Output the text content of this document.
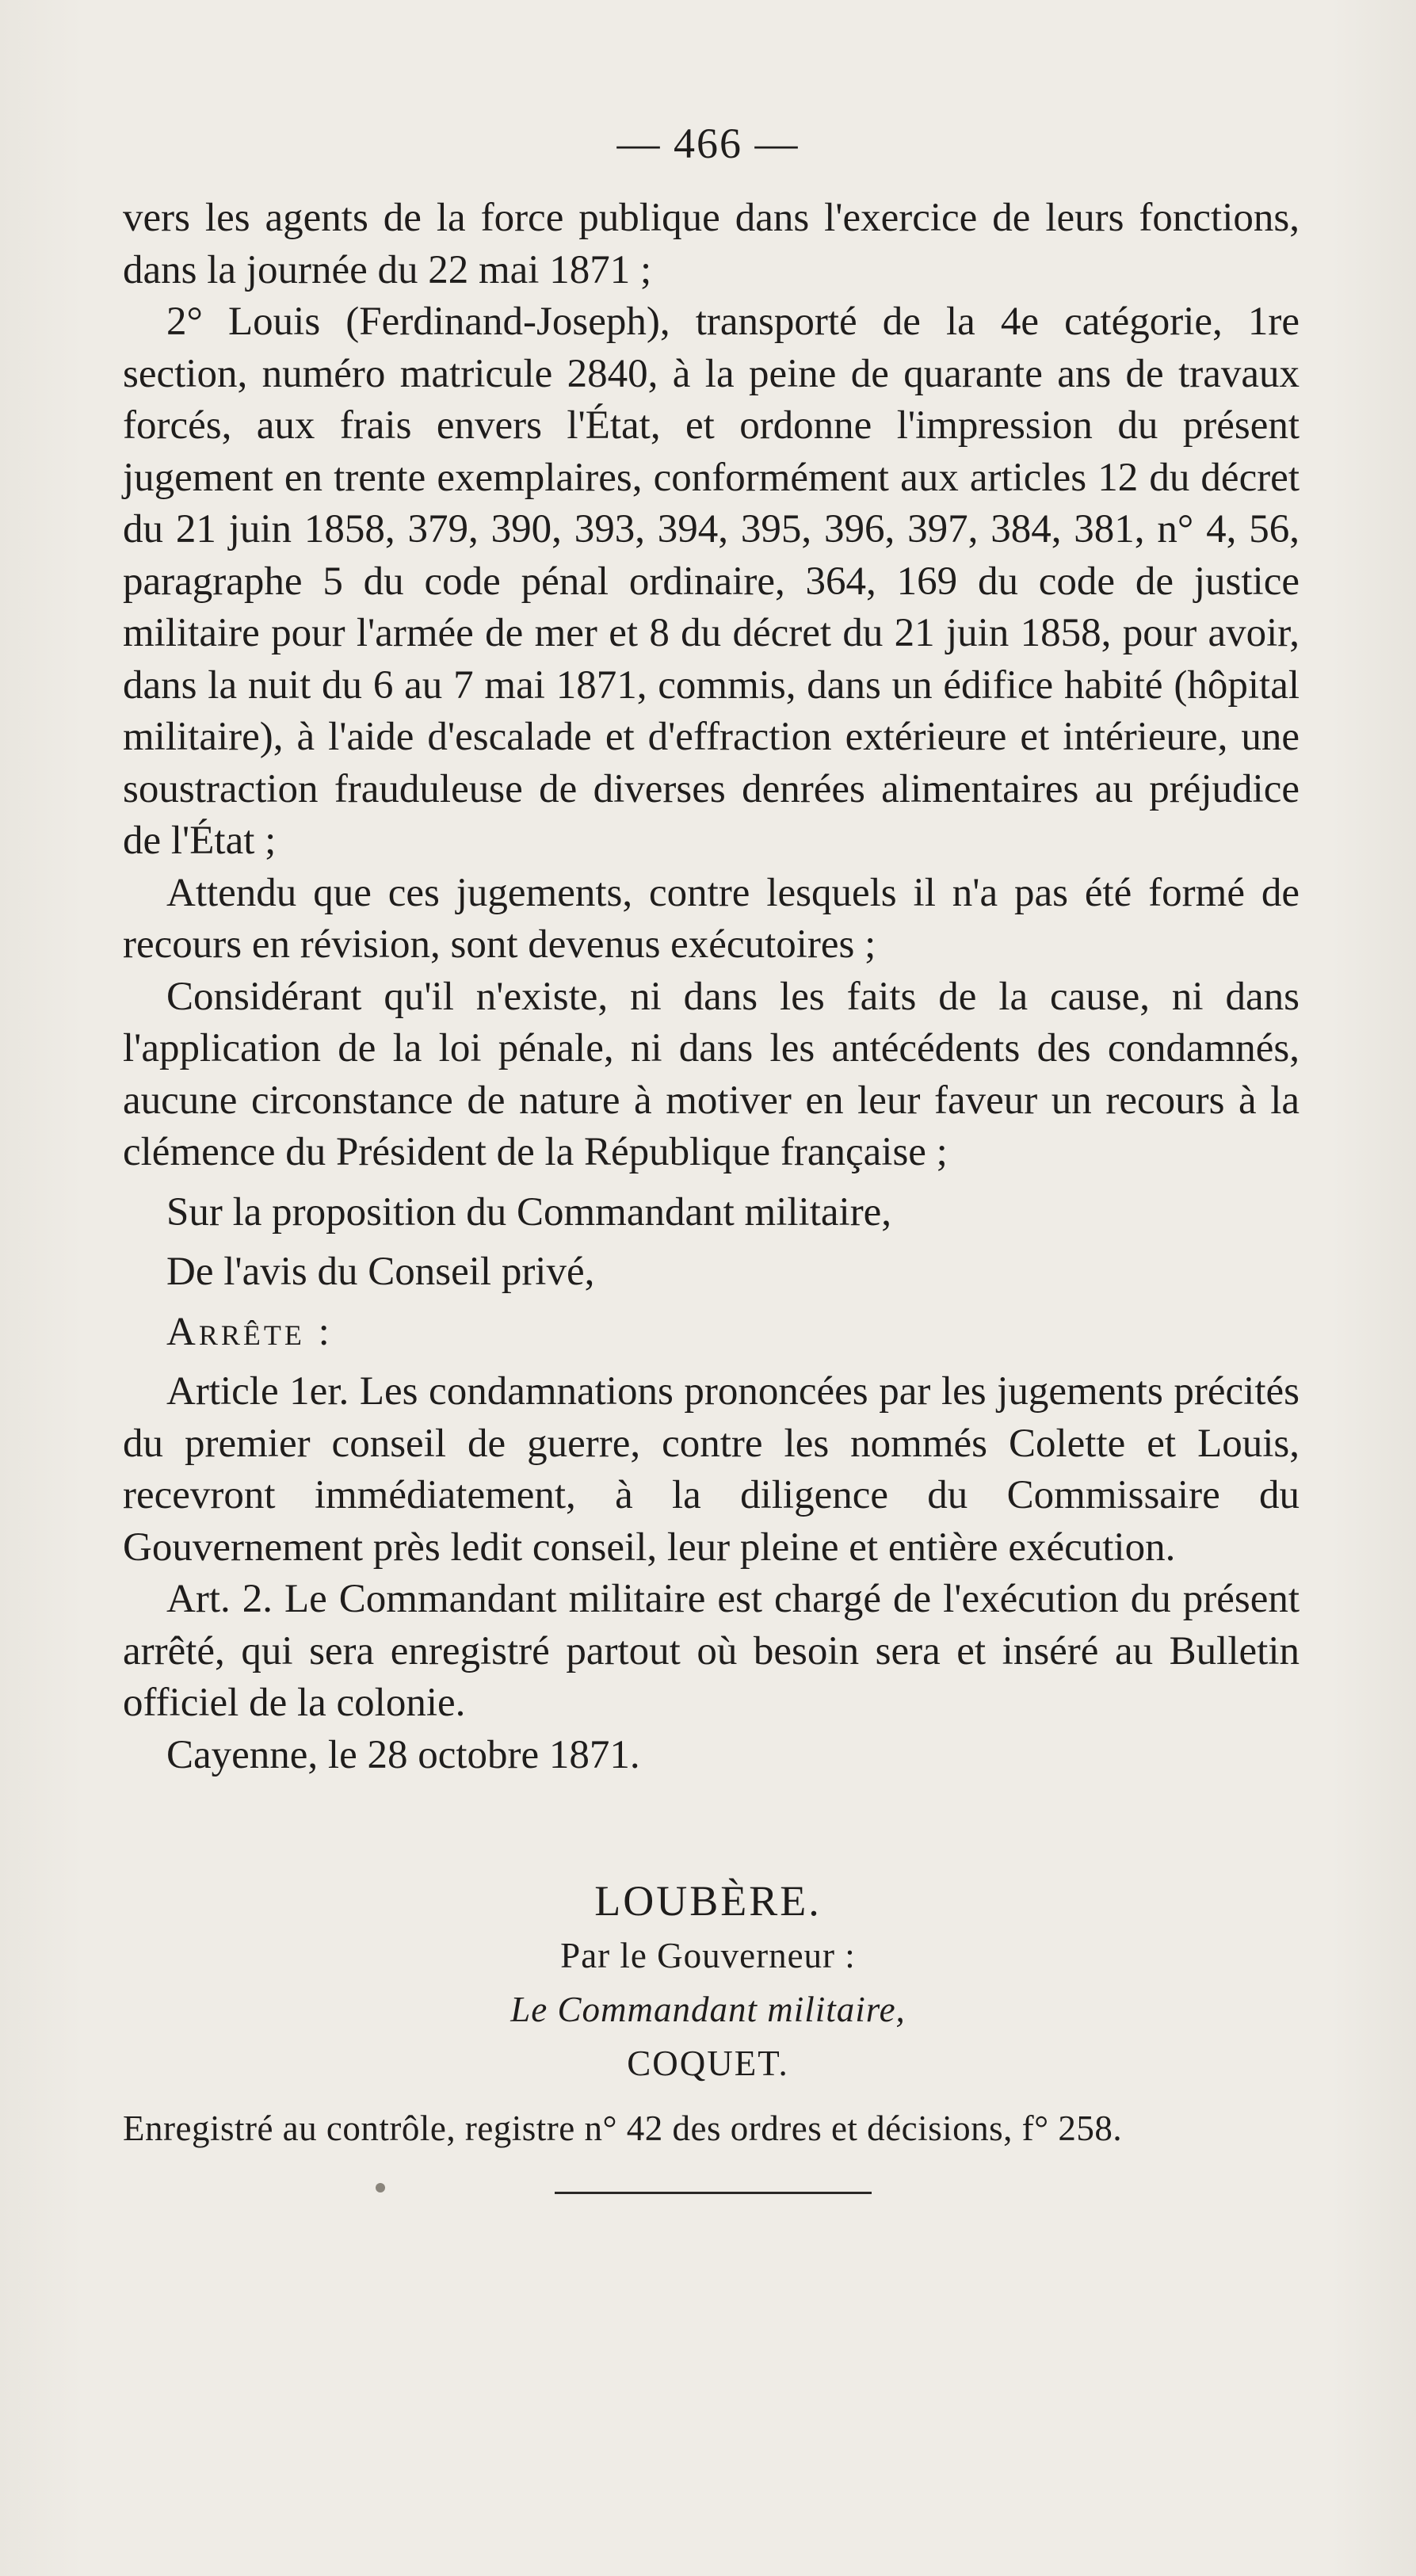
— 466 —

vers les agents de la force publique dans l'exercice de leurs fonctions, dans la journée du 22 mai 1871 ;

2° Louis (Ferdinand-Joseph), transporté de la 4e catégorie, 1re section, numéro matricule 2840, à la peine de quarante ans de travaux forcés, aux frais envers l'État, et ordonne l'impression du présent jugement en trente exemplaires, conformément aux articles 12 du décret du 21 juin 1858, 379, 390, 393, 394, 395, 396, 397, 384, 381, n° 4, 56, paragraphe 5 du code pénal ordinaire, 364, 169 du code de justice militaire pour l'armée de mer et 8 du décret du 21 juin 1858, pour avoir, dans la nuit du 6 au 7 mai 1871, commis, dans un édifice habité (hôpital militaire), à l'aide d'escalade et d'effraction extérieure et intérieure, une soustraction frauduleuse de diverses denrées alimentaires au préjudice de l'État ;

Attendu que ces jugements, contre lesquels il n'a pas été formé de recours en révision, sont devenus exécutoires ;

Considérant qu'il n'existe, ni dans les faits de la cause, ni dans l'application de la loi pénale, ni dans les antécédents des condamnés, aucune circonstance de nature à motiver en leur faveur un recours à la clémence du Président de la République française ;

Sur la proposition du Commandant militaire,

De l'avis du Conseil privé,

Arrête :

Article 1er. Les condamnations prononcées par les jugements précités du premier conseil de guerre, contre les nommés Colette et Louis, recevront immédiatement, à la diligence du Commissaire du Gouvernement près ledit conseil, leur pleine et entière exécution.

Art. 2. Le Commandant militaire est chargé de l'exécution du présent arrêté, qui sera enregistré partout où besoin sera et inséré au Bulletin officiel de la colonie.

Cayenne, le 28 octobre 1871.

LOUBÈRE.
Par le Gouverneur :
Le Commandant militaire,
COQUET.
Enregistré au contrôle, registre n° 42 des ordres et décisions, f° 258.
